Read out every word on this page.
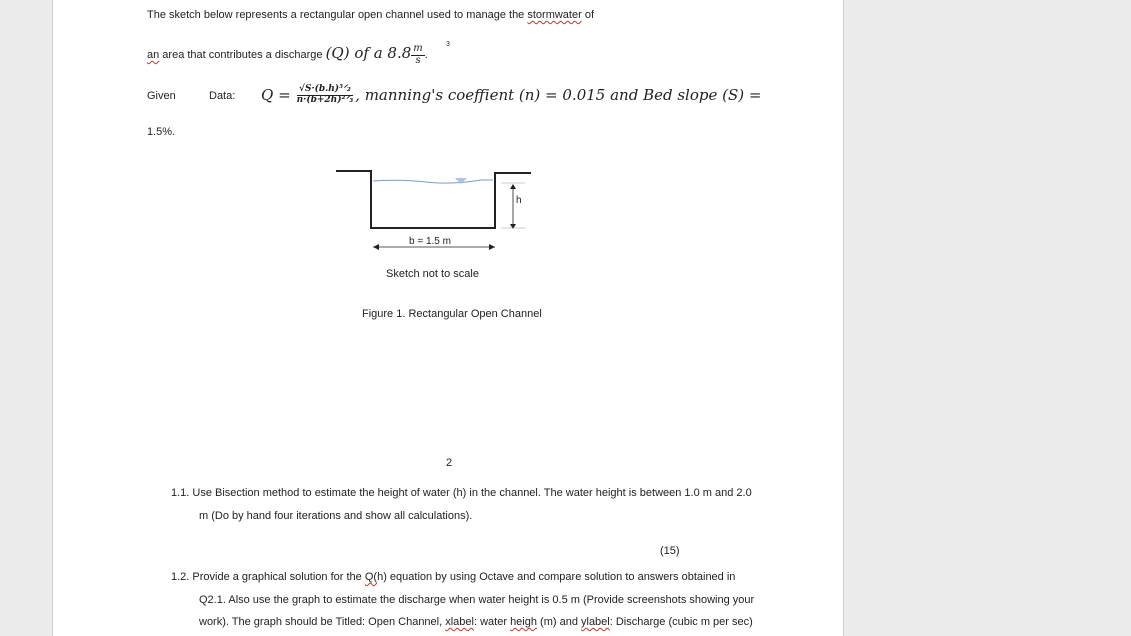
The sketch below represents a rectangular open channel used to manage the stormwater of
3
an area that contributes a discharge (Q) of a $8.8 \frac{m}{s}$ .
Given	Data: $Q = \frac{\text{√S·(b.h)⁵ᐟ₂}}{\text{n·(b+2h)²ᐟ₃}}$ , manning's coeffient (n) = 0.015 and Bed slope (S) =
1.5%.
h
b = 1.5 m
Sketch not to scale
Figure 1. Rectangular Open Channel
2
1.1. Use Bisection method to estimate the height of water (h) in the channel. The water height is between 1.0 m and 2.0
m (Do by hand four iterations and show all calculations).
(15)
1.2. Provide a graphical solution for the Q(h) equation by using Octave and compare solution to answers obtained in
Q2.1. Also use the graph to estimate the discharge when water height is 0.5 m (Provide screenshots showing your
work). The graph should be Titled: Open Channel, xlabel: water heigh (m) and ylabel: Discharge (cubic m per sec)
